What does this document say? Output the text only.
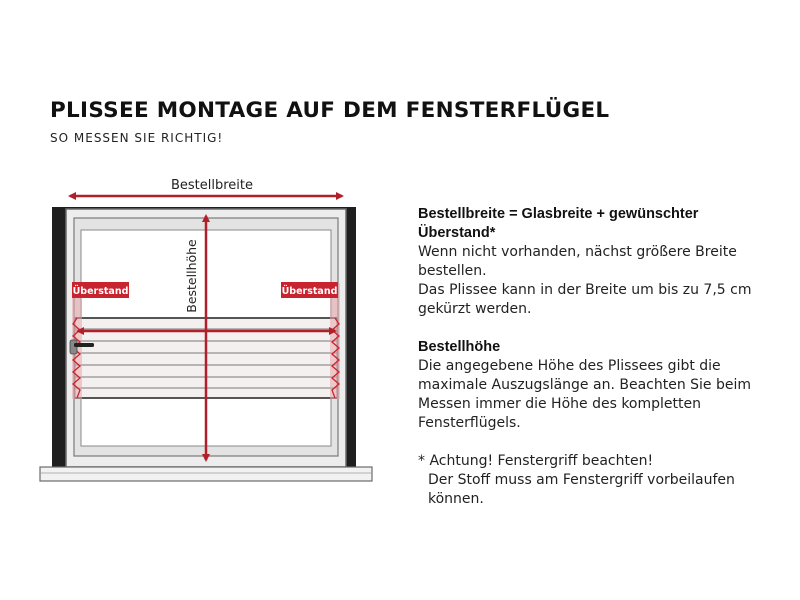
PLISSEE MONTAGE AUF DEM FENSTERFLÜGEL
SO MESSEN SIE RICHTIG!
Bestellbreite
Bestellhöhe
Überstand	Überstand

Bestellbreite = Glasbreite + gewünschter Überstand*

Wenn nicht vorhanden, nächst größere Breite

bestellen.

Das Plissee kann in der Breite um bis zu 7,5 cm

gekürzt werden.

Bestellhöhe

Die angegebene Höhe des Plissees gibt die

maximale Auszugslänge an. Beachten Sie beim

Messen immer die Höhe des kompletten

Fensterflügels.

* Achtung! Fenstergriff beachten!

Der Stoff muss am Fenstergriff vorbeilaufen

können.
